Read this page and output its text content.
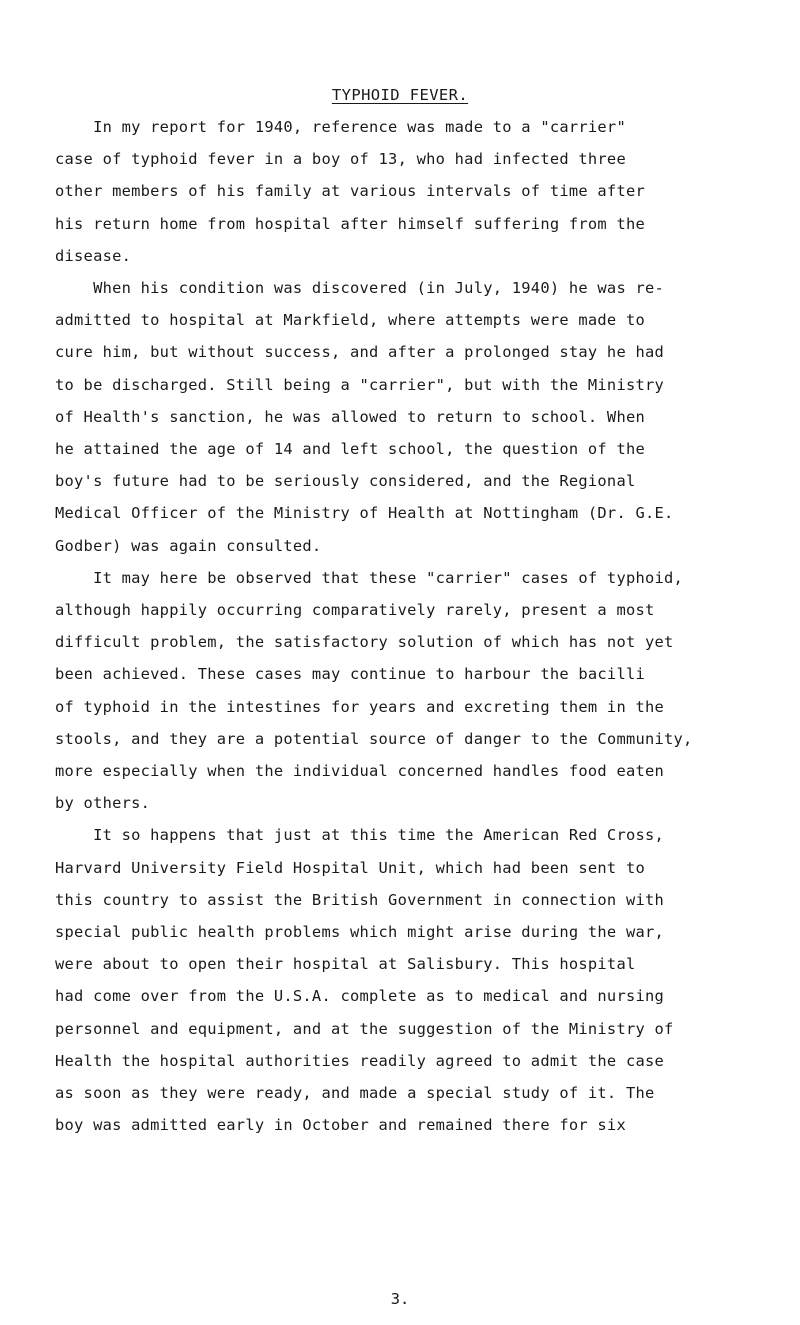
TYPHOID FEVER.
In my report for 1940, reference was made to a "carrier"
case of typhoid fever in a boy of 13, who had infected three
other members of his family at various intervals of time after
his return home from hospital after himself suffering from the
disease.
When his condition was discovered (in July, 1940) he was re-
admitted to hospital at Markfield, where attempts were made to
cure him, but without success, and after a prolonged stay he had
to be discharged. Still being a "carrier", but with the Ministry
of Health's sanction, he was allowed to return to school. When
he attained the age of 14 and left school, the question of the
boy's future had to be seriously considered, and the Regional
Medical Officer of the Ministry of Health at Nottingham (Dr. G.E.
Godber) was again consulted.
It may here be observed that these "carrier" cases of typhoid,
although happily occurring comparatively rarely, present a most
difficult problem, the satisfactory solution of which has not yet
been achieved. These cases may continue to harbour the bacilli
of typhoid in the intestines for years and excreting them in the
stools, and they are a potential source of danger to the Community,
more especially when the individual concerned handles food eaten
by others.
It so happens that just at this time the American Red Cross,
Harvard University Field Hospital Unit, which had been sent to
this country to assist the British Government in connection with
special public health problems which might arise during the war,
were about to open their hospital at Salisbury. This hospital
had come over from the U.S.A. complete as to medical and nursing
personnel and equipment, and at the suggestion of the Ministry of
Health the hospital authorities readily agreed to admit the case
as soon as they were ready, and made a special study of it. The
boy was admitted early in October and remained there for six
3.
